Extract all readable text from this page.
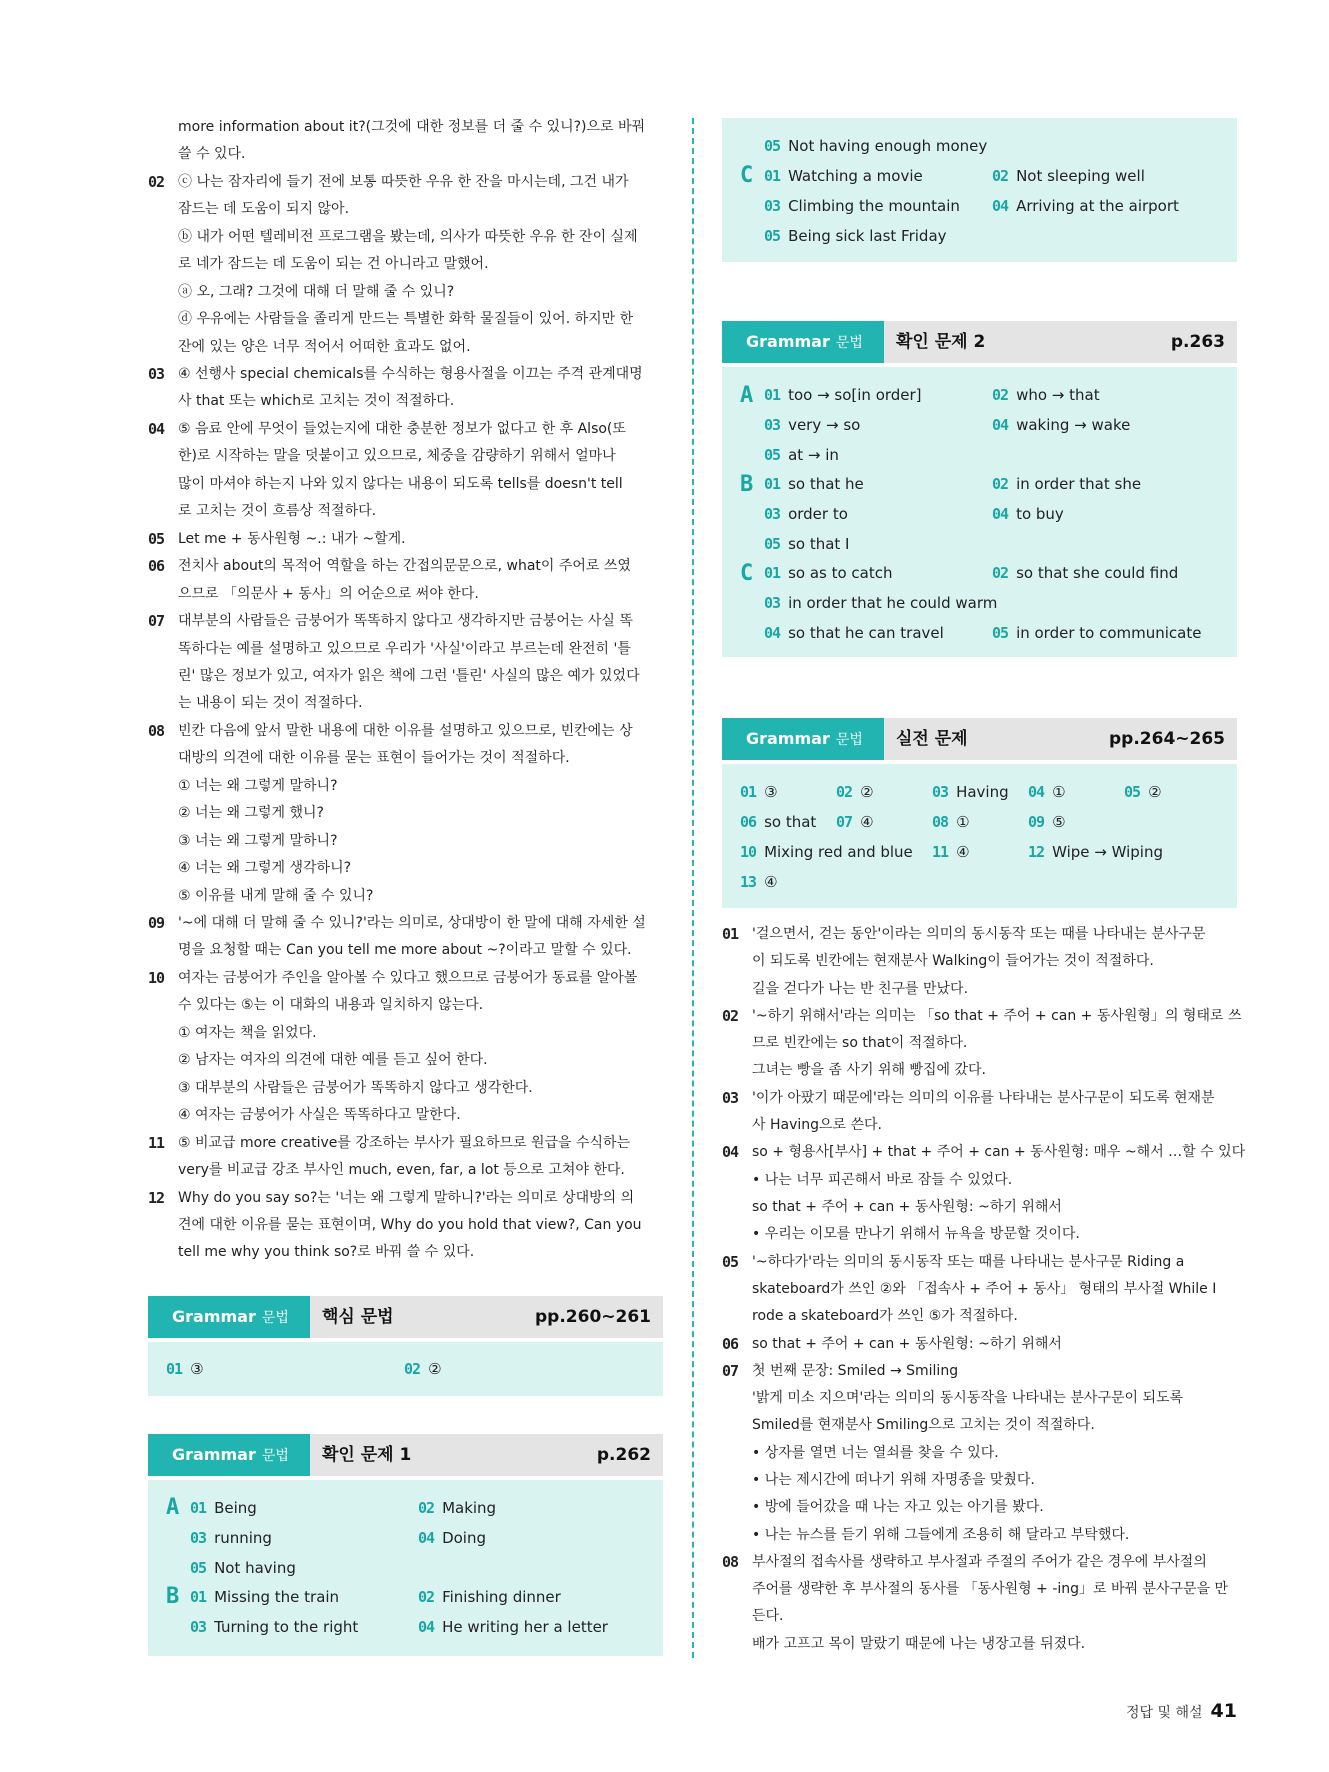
more information about it?(그것에 대한 정보를 더 줄 수 있니?)으로 바꿔
쓸 수 있다.
02 ⓒ 나는 잠자리에 들기 전에 보통 따뜻한 우유 한 잔을 마시는데, 그건 내가
잠드는 데 도움이 되지 않아.
ⓑ 내가 어떤 텔레비전 프로그램을 봤는데, 의사가 따뜻한 우유 한 잔이 실제
로 네가 잠드는 데 도움이 되는 건 아니라고 말했어.
ⓐ 오, 그래? 그것에 대해 더 말해 줄 수 있니?
ⓓ 우유에는 사람들을 졸리게 만드는 특별한 화학 물질들이 있어. 하지만 한
잔에 있는 양은 너무 적어서 어떠한 효과도 없어.
03 ④ 선행사 special chemicals를 수식하는 형용사절을 이끄는 주격 관계대명
사 that 또는 which로 고치는 것이 적절하다.
04 ⑤ 음료 안에 무엇이 들었는지에 대한 충분한 정보가 없다고 한 후 Also(또
한)로 시작하는 말을 덧붙이고 있으므로, 체중을 감량하기 위해서 얼마나
많이 마셔야 하는지 나와 있지 않다는 내용이 되도록 tells를 doesn't tell
로 고치는 것이 흐름상 적절하다.
05 Let me + 동사원형 ~.: 내가 ~할게.
06 전치사 about의 목적어 역할을 하는 간접의문문으로, what이 주어로 쓰였
으므로 「의문사 + 동사」의 어순으로 써야 한다.
07 대부분의 사람들은 금붕어가 똑똑하지 않다고 생각하지만 금붕어는 사실 똑
똑하다는 예를 설명하고 있으므로 우리가 '사실'이라고 부르는데 완전히 '틀
린' 많은 정보가 있고, 여자가 읽은 책에 그런 '틀린' 사실의 많은 예가 있었다
는 내용이 되는 것이 적절하다.
08 빈칸 다음에 앞서 말한 내용에 대한 이유를 설명하고 있으므로, 빈칸에는 상
대방의 의견에 대한 이유를 묻는 표현이 들어가는 것이 적절하다.
① 너는 왜 그렇게 말하니?
② 너는 왜 그렇게 했니?
③ 너는 왜 그렇게 말하니?
④ 너는 왜 그렇게 생각하니?
⑤ 이유를 내게 말해 줄 수 있니?
09 '~에 대해 더 말해 줄 수 있니?'라는 의미로, 상대방이 한 말에 대해 자세한 설
명을 요청할 때는 Can you tell me more about ~?이라고 말할 수 있다.
10 여자는 금붕어가 주인을 알아볼 수 있다고 했으므로 금붕어가 동료를 알아볼
수 있다는 ⑤는 이 대화의 내용과 일치하지 않는다.
① 여자는 책을 읽었다.
② 남자는 여자의 의견에 대한 예를 듣고 싶어 한다.
③ 대부분의 사람들은 금붕어가 똑똑하지 않다고 생각한다.
④ 여자는 금붕어가 사실은 똑똑하다고 말한다.
11 ⑤ 비교급 more creative를 강조하는 부사가 필요하므로 원급을 수식하는
very를 비교급 강조 부사인 much, even, far, a lot 등으로 고쳐야 한다.
12 Why do you say so?는 '너는 왜 그렇게 말하니?'라는 의미로 상대방의 의
견에 대한 이유를 묻는 표현이며, Why do you hold that view?, Can you
tell me why you think so?로 바꿔 쓸 수 있다.
Grammar 문법	핵심 문법	pp.260~261
01 ③	02 ②
Grammar 문법	확인 문제 1	p.262
A 01 Being	02 Making
03 running	04 Doing
05 Not having
B 01 Missing the train	02 Finishing dinner
03 Turning to the right	04 He writing her a letter
05 Not having enough money
C 01 Watching a movie	02 Not sleeping well
03 Climbing the mountain 04 Arriving at the airport
05 Being sick last Friday
Grammar 문법	확인 문제 2	p.263
A 01 too → so[in order]	02 who → that
03 very → so	04 waking → wake
05 at → in
B 01 so that he	02 in order that she
03 order to	04 to buy
05 so that I
C 01 so as to catch	02 so that she could find
03 in order that he could warm
04 so that he can travel	05 in order to communicate
Grammar 문법	실전 문제	pp.264~265
01 ③	02 ②	03 Having 04 ①	05 ②
06 so that 07 ④	08 ①	09 ⑤
10 Mixing red and blue 11 ④	12 Wipe → Wiping
13 ④
01 '걸으면서, 걷는 동안'이라는 의미의 동시동작 또는 때를 나타내는 분사구문
이 되도록 빈칸에는 현재분사 Walking이 들어가는 것이 적절하다.
길을 걷다가 나는 반 친구를 만났다.
02 '~하기 위해서'라는 의미는 「so that + 주어 + can + 동사원형」의 형태로 쓰
므로 빈칸에는 so that이 적절하다.
그녀는 빵을 좀 사기 위해 빵집에 갔다.
03 '이가 아팠기 때문에'라는 의미의 이유를 나타내는 분사구문이 되도록 현재분
사 Having으로 쓴다.
04 so + 형용사[부사] + that + 주어 + can + 동사원형: 매우 ~해서 …할 수 있다
• 나는 너무 피곤해서 바로 잠들 수 있었다.
so that + 주어 + can + 동사원형: ~하기 위해서
• 우리는 이모를 만나기 위해서 뉴욕을 방문할 것이다.
05 '~하다가'라는 의미의 동시동작 또는 때를 나타내는 분사구문 Riding a
skateboard가 쓰인 ②와 「접속사 + 주어 + 동사」 형태의 부사절 While I
rode a skateboard가 쓰인 ⑤가 적절하다.
06 so that + 주어 + can + 동사원형: ~하기 위해서
07 첫 번째 문장: Smiled → Smiling
'밝게 미소 지으며'라는 의미의 동시동작을 나타내는 분사구문이 되도록
Smiled를 현재분사 Smiling으로 고치는 것이 적절하다.
• 상자를 열면 너는 열쇠를 찾을 수 있다.
• 나는 제시간에 떠나기 위해 자명종을 맞췄다.
• 방에 들어갔을 때 나는 자고 있는 아기를 봤다.
• 나는 뉴스를 듣기 위해 그들에게 조용히 해 달라고 부탁했다.
08 부사절의 접속사를 생략하고 부사절과 주절의 주어가 같은 경우에 부사절의
주어를 생략한 후 부사절의 동사를 「동사원형 + -ing」로 바꿔 분사구문을 만
든다.
배가 고프고 목이 말랐기 때문에 나는 냉장고를 뒤졌다.
정답 및 해설 41
